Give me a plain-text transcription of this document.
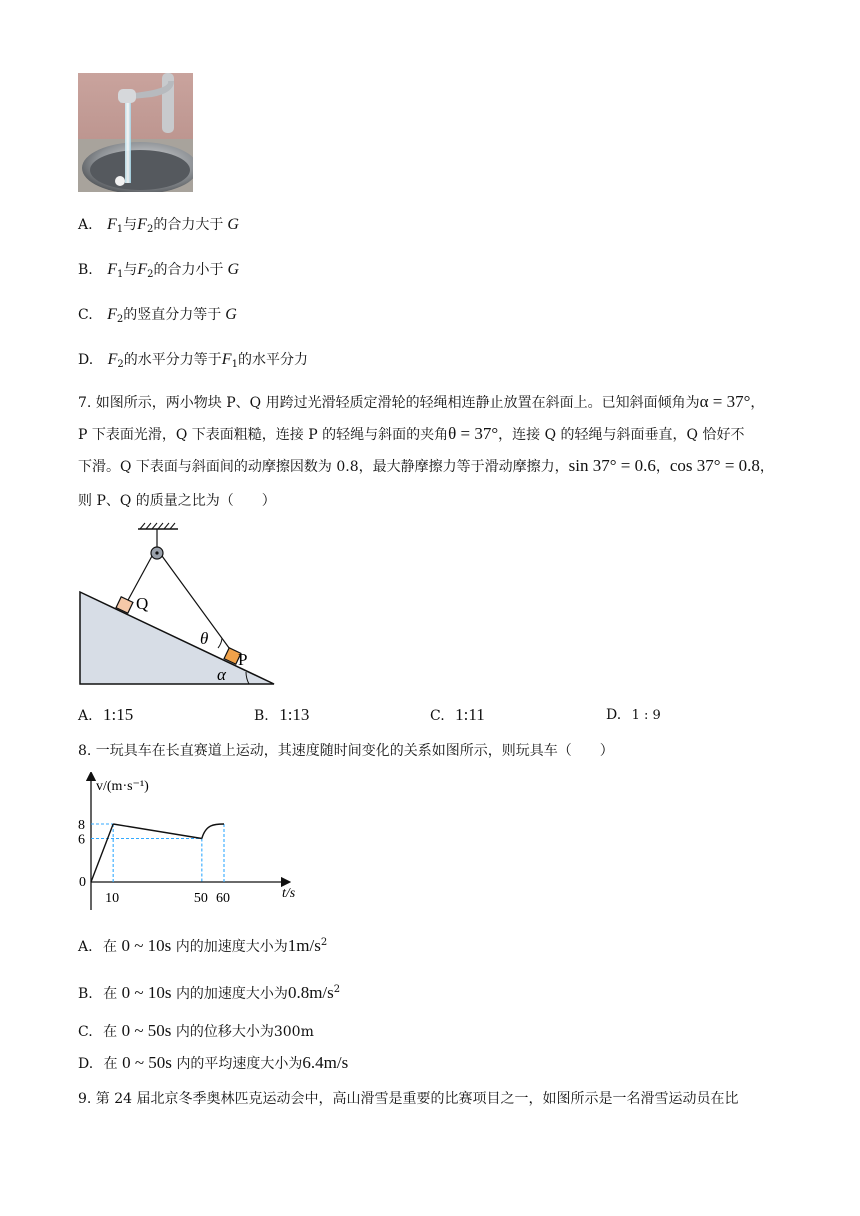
A. $F_1$与$F_2$的合力大于 G
B. $F_1$与$F_2$的合力小于 G
C. $F_2$的竖直分力等于 G
D. $F_2$的水平分力等于$F_1$的水平分力
7. 如图所示，两小物块 P、Q 用跨过光滑轻质定滑轮的轻绳相连静止放置在斜面上。已知斜面倾角为α = 37°，
P 下表面光滑，Q 下表面粗糙，连接 P 的轻绳与斜面的夹角θ = 37°，连接 Q 的轻绳与斜面垂直，Q 恰好不
下滑。Q 下表面与斜面间的动摩擦因数为 0.8，最大静摩擦力等于滑动摩擦力，sin 37° = 0.6，cos 37° = 0.8，
则 P、Q 的质量之比为（　　）
Q
P
θ
α
A. 1:15	B. 1:13	C. 1:11	D. 1 : 9
8. 一玩具车在长直赛道上运动，其速度随时间变化的关系如图所示，则玩具车（　　）
v/(m·s⁻¹)
t/s
0
10	50 60
8
6
A. 在 0 ~ 10s 内的加速度大小为$1m/s^2$
B. 在 0 ~ 10s 内的加速度大小为$0.8m/s^2$
C. 在 0 ~ 50s 内的位移大小为300m
D. 在 0 ~ 50s 内的平均速度大小为6.4m/s
9. 第 24 届北京冬季奥林匹克运动会中，高山滑雪是重要的比赛项目之一，如图所示是一名滑雪运动员在比
